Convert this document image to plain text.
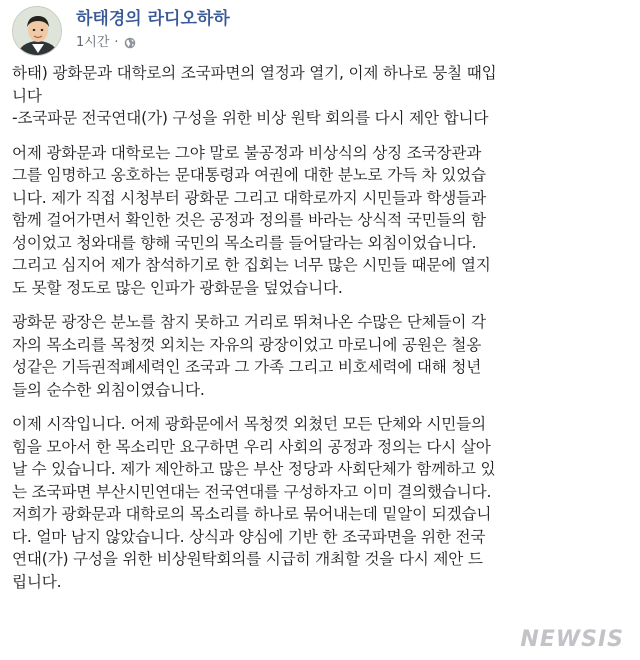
하태경의 라디오하하
1시간 ·
하태) 광화문과 대학로의 조국파면의 열정과 열기, 이제 하나로 뭉칠 때입
니다
-조국파문 전국연대(가) 구성을 위한 비상 원탁 회의를 다시 제안 합니다
어제 광화문과 대학로는 그야 말로 불공정과 비상식의 상징 조국장관과
그를 임명하고 옹호하는 문대통령과 여권에 대한 분노로 가득 차 있었습
니다. 제가 직접 시청부터 광화문 그리고 대학로까지 시민들과 학생들과
함께 걸어가면서 확인한 것은 공정과 정의를 바라는 상식적 국민들의 함
성이었고 청와대를 향해 국민의 목소리를 들어달라는 외침이었습니다.
그리고 심지어 제가 참석하기로 한 집회는 너무 많은 시민들 때문에 열지
도 못할 정도로 많은 인파가 광화문을 덮었습니다.
광화문 광장은 분노를 참지 못하고 거리로 뛰쳐나온 수많은 단체들이 각
자의 목소리를 목청껏 외치는 자유의 광장이었고 마로니에 공원은 철옹
성같은 기득권적폐세력인 조국과 그 가족 그리고 비호세력에 대해 청년
들의 순수한 외침이였습니다.
이제 시작입니다. 어제 광화문에서 목청껏 외쳤던 모든 단체와 시민들의
힘을 모아서 한 목소리만 요구하면 우리 사회의 공정과 정의는 다시 살아
날 수 있습니다. 제가 제안하고 많은 부산 정당과 사회단체가 함께하고 있
는 조국파면 부산시민연대는 전국연대를 구성하자고 이미 결의했습니다.
저희가 광화문과 대학로의 목소리를 하나로 묶어내는데 밑알이 되겠습니
다. 얼마 남지 않았습니다. 상식과 양심에 기반 한 조국파면을 위한 전국
연대(가) 구성을 위한 비상원탁회의를 시급히 개최할 것을 다시 제안 드
립니다.
NEWSIS
